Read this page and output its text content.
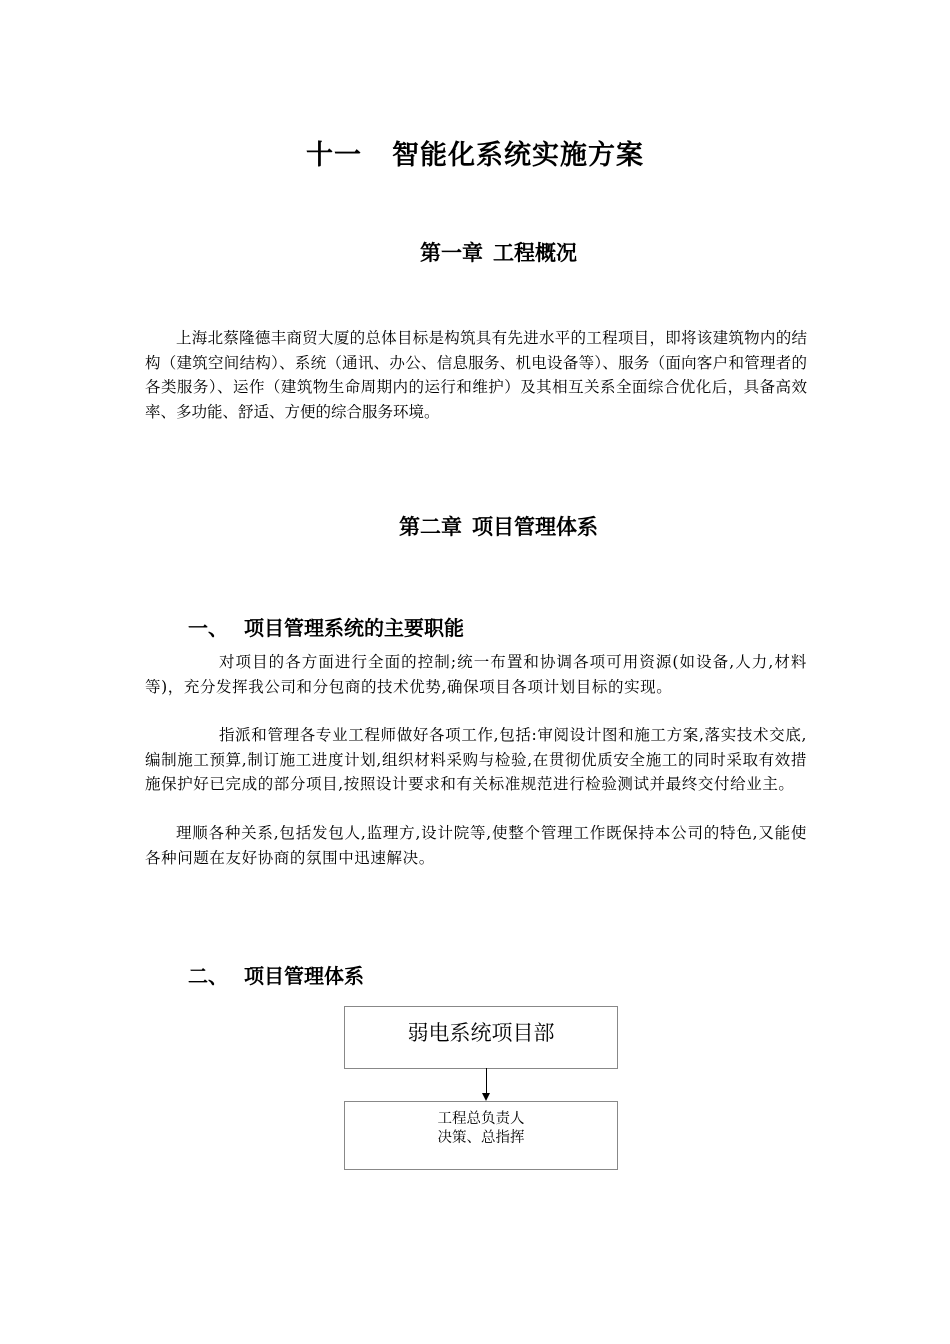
十一 智能化系统实施方案
第一章 工程概况

上海北蔡隆德丰商贸大厦的总体目标是构筑具有先进水平的工程项目，即将该建筑物内的结构（建筑空间结构）、系统（通讯、办公、信息服务、机电设备等）、服务（面向客户和管理者的各类服务）、运作（建筑物生命周期内的运行和维护）及其相互关系全面综合优化后，具备高效率、多功能、舒适、方便的综合服务环境。

第二章 项目管理体系
一、 项目管理系统的主要职能

对项目的各方面进行全面的控制;统一布置和协调各项可用资源(如设备,人力,材料等)，充分发挥我公司和分包商的技术优势,确保项目各项计划目标的实现。

指派和管理各专业工程师做好各项工作,包括:审阅设计图和施工方案,落实技术交底,编制施工预算,制订施工进度计划,组织材料采购与检验,在贯彻优质安全施工的同时采取有效措施保护好已完成的部分项目,按照设计要求和有关标准规范进行检验测试并最终交付给业主。

理顺各种关系,包括发包人,监理方,设计院等,使整个管理工作既保持本公司的特色,又能使各种问题在友好协商的氛围中迅速解决。

二、 项目管理体系
弱电系统项目部
工程总负责人
决策、总指挥
